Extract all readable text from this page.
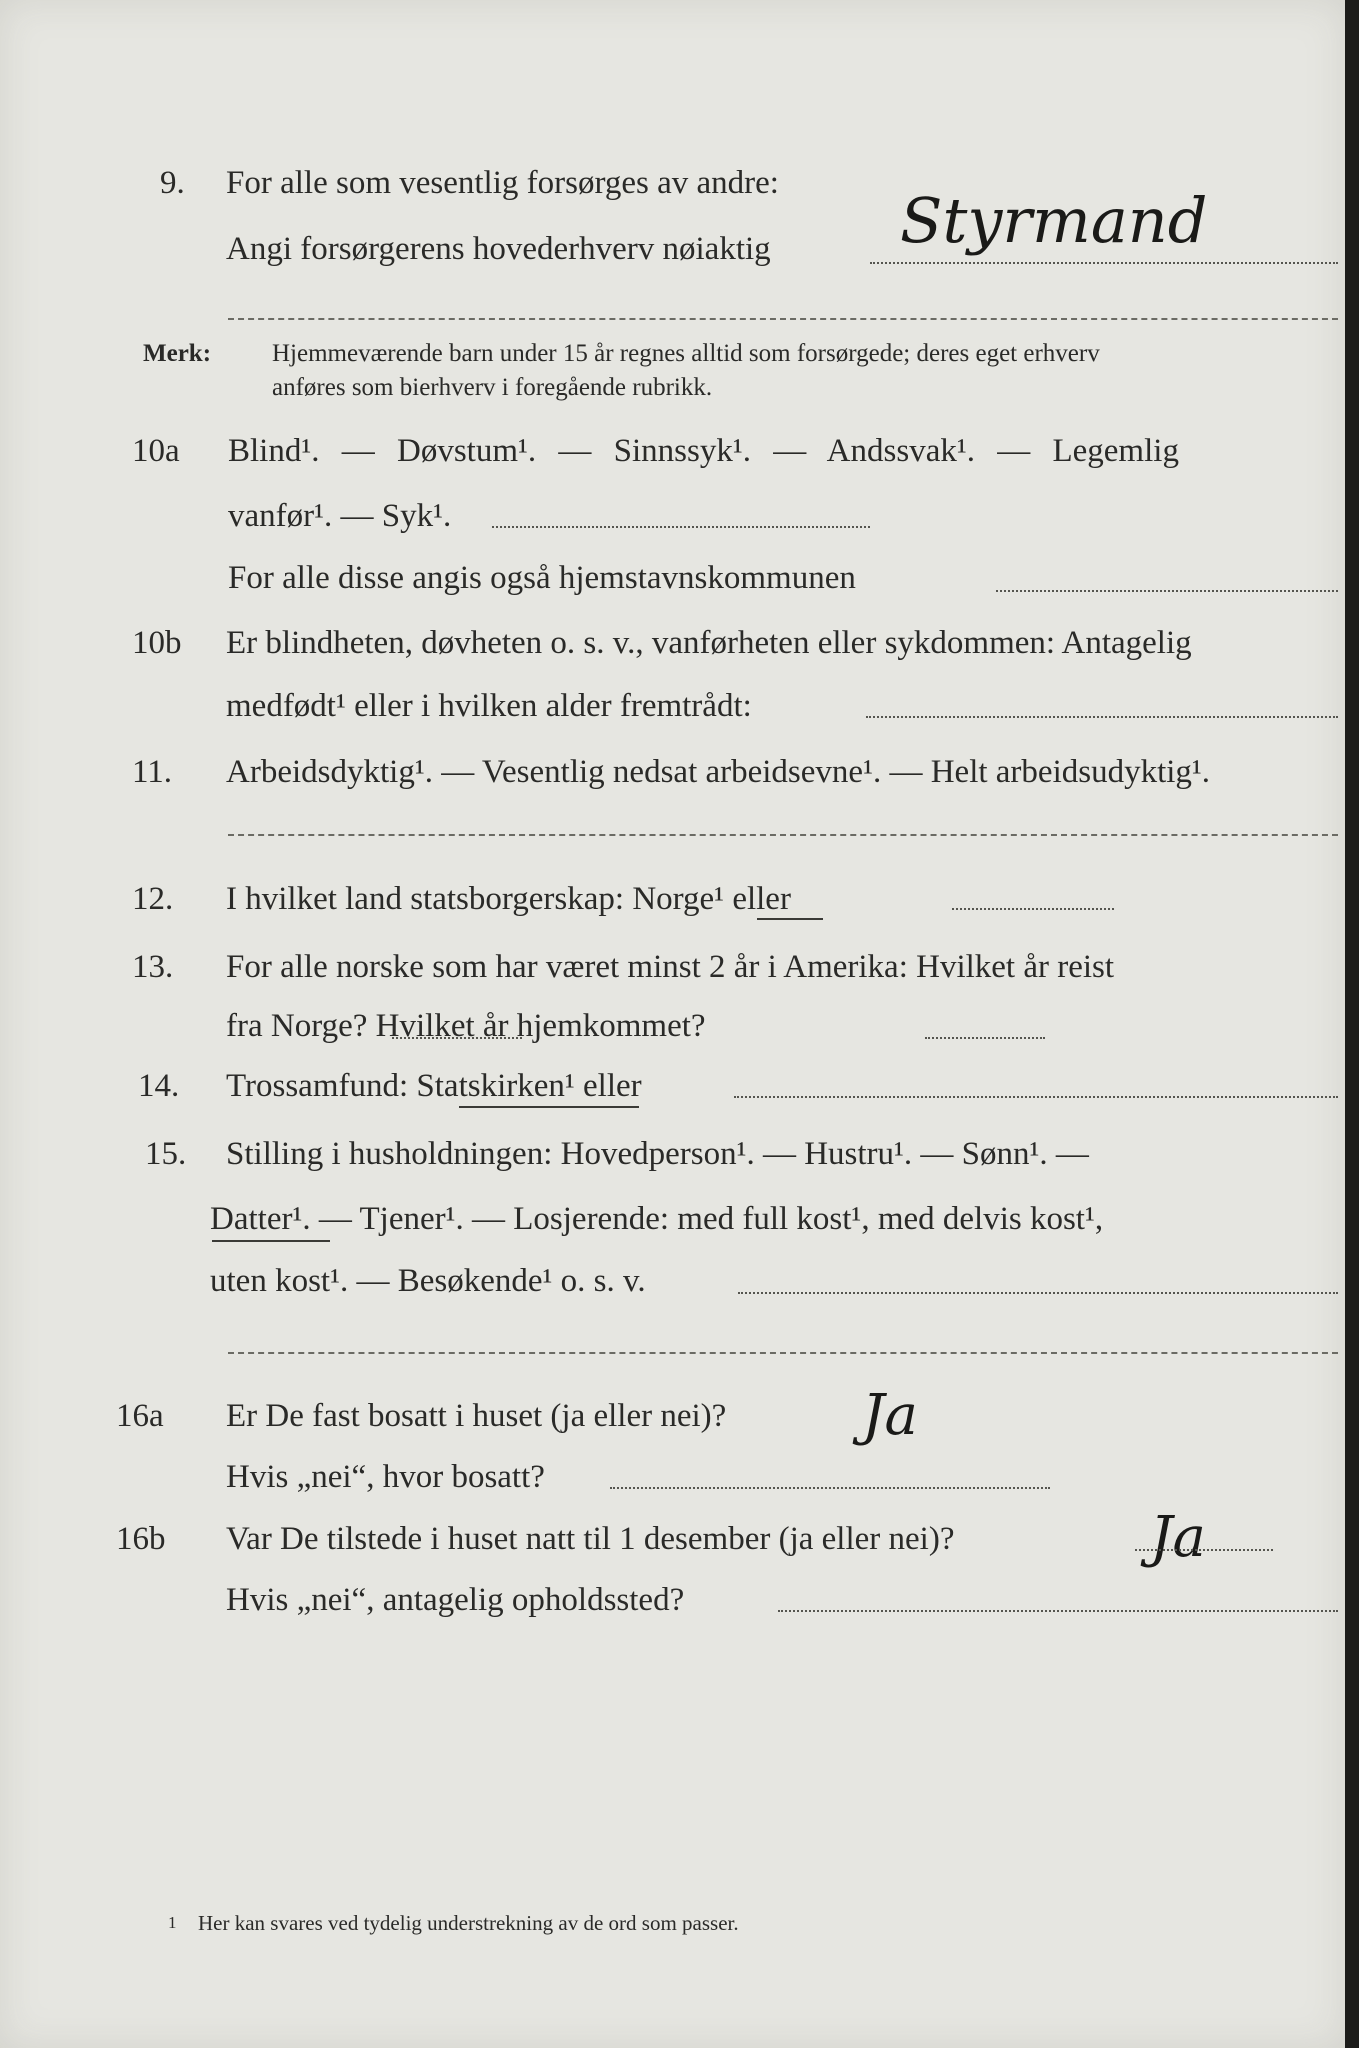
9. For alle som vesentlig forsørges av andre:
Angi forsørgerens hovederhverv nøiaktig Styrmand
Merk: Hjemmeværende barn under 15 år regnes alltid som forsørgede; deres eget erhverv
anføres som bierhverv i foregående rubrikk.
10a Blind¹. — Døvstum¹. — Sinnssyk¹. — Andssvak¹. — Legemlig
vanfør¹. — Syk¹.
For alle disse angis også hjemstavnskommunen
10b Er blindheten, døvheten o. s. v., vanførheten eller sykdommen: Antagelig
medfødt¹ eller i hvilken alder fremtrådt:
11. Arbeidsdyktig¹. — Vesentlig nedsat arbeidsevne¹. — Helt arbeidsudyktig¹.
12. I hvilket land statsborgerskap: Norge¹ eller
13. For alle norske som har været minst 2 år i Amerika: Hvilket år reist
fra Norge? Hvilket år hjemkommet?
14. Trossamfund: Statskirken¹ eller
15. Stilling i husholdningen: Hovedperson¹. — Hustru¹. — Sønn¹. —
Datter¹. — Tjener¹. — Losjerende: med full kost¹, med delvis kost¹,
uten kost¹. — Besøkende¹ o. s. v.
16a Er De fast bosatt i huset (ja eller nei)? Ja
Hvis „nei“, hvor bosatt?
16b Var De tilstede i huset natt til 1 desember (ja eller nei)?	Ja
Hvis „nei“, antagelig opholdssted?
1 Her kan svares ved tydelig understrekning av de ord som passer.
